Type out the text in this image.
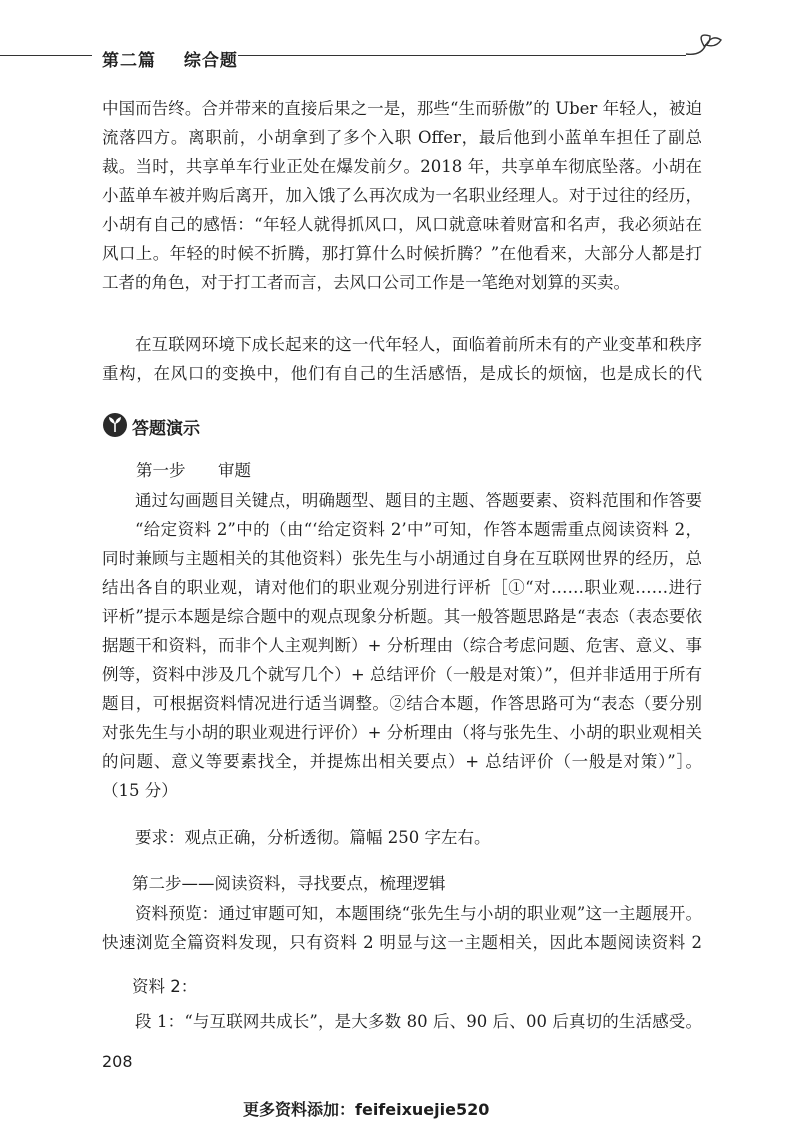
第二篇 综合题
中国而告终。合并带来的直接后果之一是，那些“生而骄傲”的 Uber 年轻人，被迫流落四方。离职前，小胡拿到了多个入职 Offer，最后他到小蓝单车担任了副总裁。当时，共享单车行业正处在爆发前夕。2018 年，共享单车彻底坠落。小胡在小蓝单车被并购后离开，加入饿了么再次成为一名职业经理人。对于过往的经历，小胡有自己的感悟：“年轻人就得抓风口，风口就意味着财富和名声，我必须站在风口上。年轻的时候不折腾，那打算什么时候折腾？”在他看来，大部分人都是打工者的角色，对于打工者而言，去风口公司工作是一笔绝对划算的买卖。
在互联网环境下成长起来的这一代年轻人，面临着前所未有的产业变革和秩序重构，在风口的变换中，他们有自己的生活感悟，是成长的烦恼，也是成长的代
答题演示
第一步 审题
通过勾画题目关键点，明确题型、题目的主题、答题要素、资料范围和作答要
“给定资料 2”中的（由“‘给定资料 2’中”可知，作答本题需重点阅读资料 2，同时兼顾与主题相关的其他资料）张先生与小胡通过自身在互联网世界的经历，总结出各自的职业观，请对他们的职业观分别进行评析［①“对……职业观……进行评析”提示本题是综合题中的观点现象分析题。其一般答题思路是“表态（表态要依据题干和资料，而非个人主观判断）+ 分析理由（综合考虑问题、危害、意义、事例等，资料中涉及几个就写几个）+ 总结评价（一般是对策）”，但并非适用于所有题目，可根据资料情况进行适当调整。②结合本题，作答思路可为“表态（要分别对张先生与小胡的职业观进行评价）+ 分析理由（将与张先生、小胡的职业观相关的问题、意义等要素找全，并提炼出相关要点）+ 总结评价（一般是对策）”］。（15 分）
要求：观点正确，分析透彻。篇幅 250 字左右。
第二步——阅读资料，寻找要点，梳理逻辑
资料预览：通过审题可知，本题围绕“张先生与小胡的职业观”这一主题展开。快速浏览全篇资料发现，只有资料 2 明显与这一主题相关，因此本题阅读资料 2
资料 2：
段 1：“与互联网共成长”，是大多数 80 后、90 后、00 后真切的生活感受。
208
更多资料添加：feifeixuejie520
